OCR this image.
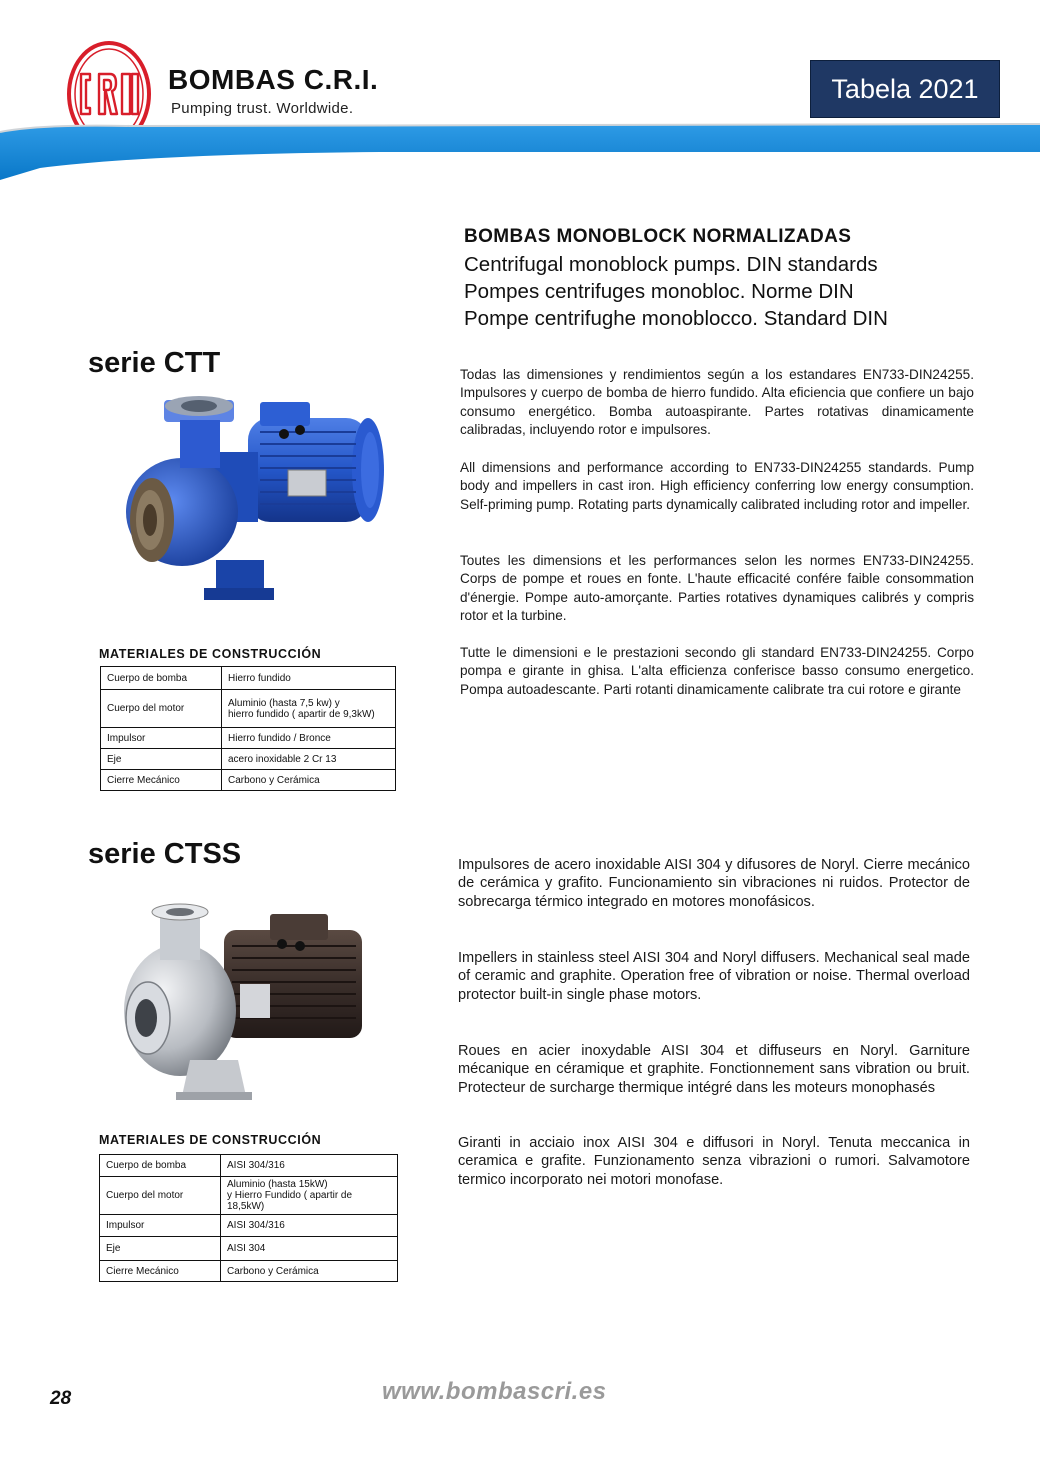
BOMBAS C.R.I.
Pumping trust. Worldwide.
Tabela 2021
BOMBAS MONOBLOCK NORMALIZADAS
Centrifugal monoblock pumps. DIN standards
Pompes centrifuges monobloc. Norme DIN
Pompe centrifughe monoblocco. Standard DIN
serie CTT	Todas las dimensiones y rendimientos según a los estandares EN733-DIN24255. Impulsores y cuerpo de bomba de hierro fundido. Alta eficiencia que confiere un bajo consumo energético. Bomba autoaspirante. Partes rotativas dinamicamente calibradas, incluyendo rotor e impulsores.
All dimensions and performance according to EN733-DIN24255 standards. Pump body and impellers in cast iron. High efficiency conferring low energy consumption. Self-priming pump. Rotating parts dynamically calibrated including rotor and impeller.
Toutes les dimensions et les performances selon les normes EN733-DIN24255. Corps de pompe et roues en fonte. L'haute efficacité confére faible consommation d'énergie. Pompe auto-amorçante. Parties rotatives dynamiques calibrés y compris rotor et la turbine.
Tutte le dimensioni e le prestazioni secondo gli standard EN733-DIN24255. Corpo pompa e girante in ghisa. L'alta efficienza conferisce basso consumo energetico. Pompa autoadescante. Parti rotanti dinamicamente calibrate tra cui rotore e girante
MATERIALES DE CONSTRUCCIÓN
Cuerpo de bomba	Hierro fundido
Cuerpo del motor	Aluminio (hasta 7,5 kw) y
hierro fundido ( apartir de 9,3kW)

Impulsor	Hierro fundido / Bronce
Eje	acero inoxidable 2 Cr 13
Cierre Mecánico	Carbono y Cerámica
serie CTSS	Impulsores de acero inoxidable AISI 304 y difusores de Noryl. Cierre mecánico de cerámica y grafito. Funcionamiento sin vibraciones ni ruidos. Protector de sobrecarga térmico integrado en motores monofásicos.
Impellers in stainless steel AISI 304 and Noryl diffusers. Mechanical seal made of ceramic and graphite. Operation free of vibration or noise. Thermal overload protector built-in single phase motors.
Roues en acier inoxydable AISI 304 et diffuseurs en Noryl. Garniture mécanique en céramique et graphite. Fonctionnement sans vibration ou bruit. Protecteur de surcharge thermique intégré dans les moteurs monophasés
Giranti in acciaio inox AISI 304 e diffusori in Noryl. Tenuta meccanica in ceramica e grafite. Funzionamento senza vibrazioni o rumori. Salvamotore termico incorporato nei motori monofase.
MATERIALES DE CONSTRUCCIÓN
Cuerpo de bomba	AISI 304/316
Cuerpo del motor	Aluminio (hasta 15kW)
y Hierro Fundido ( apartir de 18,5kW)

Impulsor	AISI 304/316
Eje	AISI 304
Cierre Mecánico	Carbono y Cerámica
28	www.bombascri.es
